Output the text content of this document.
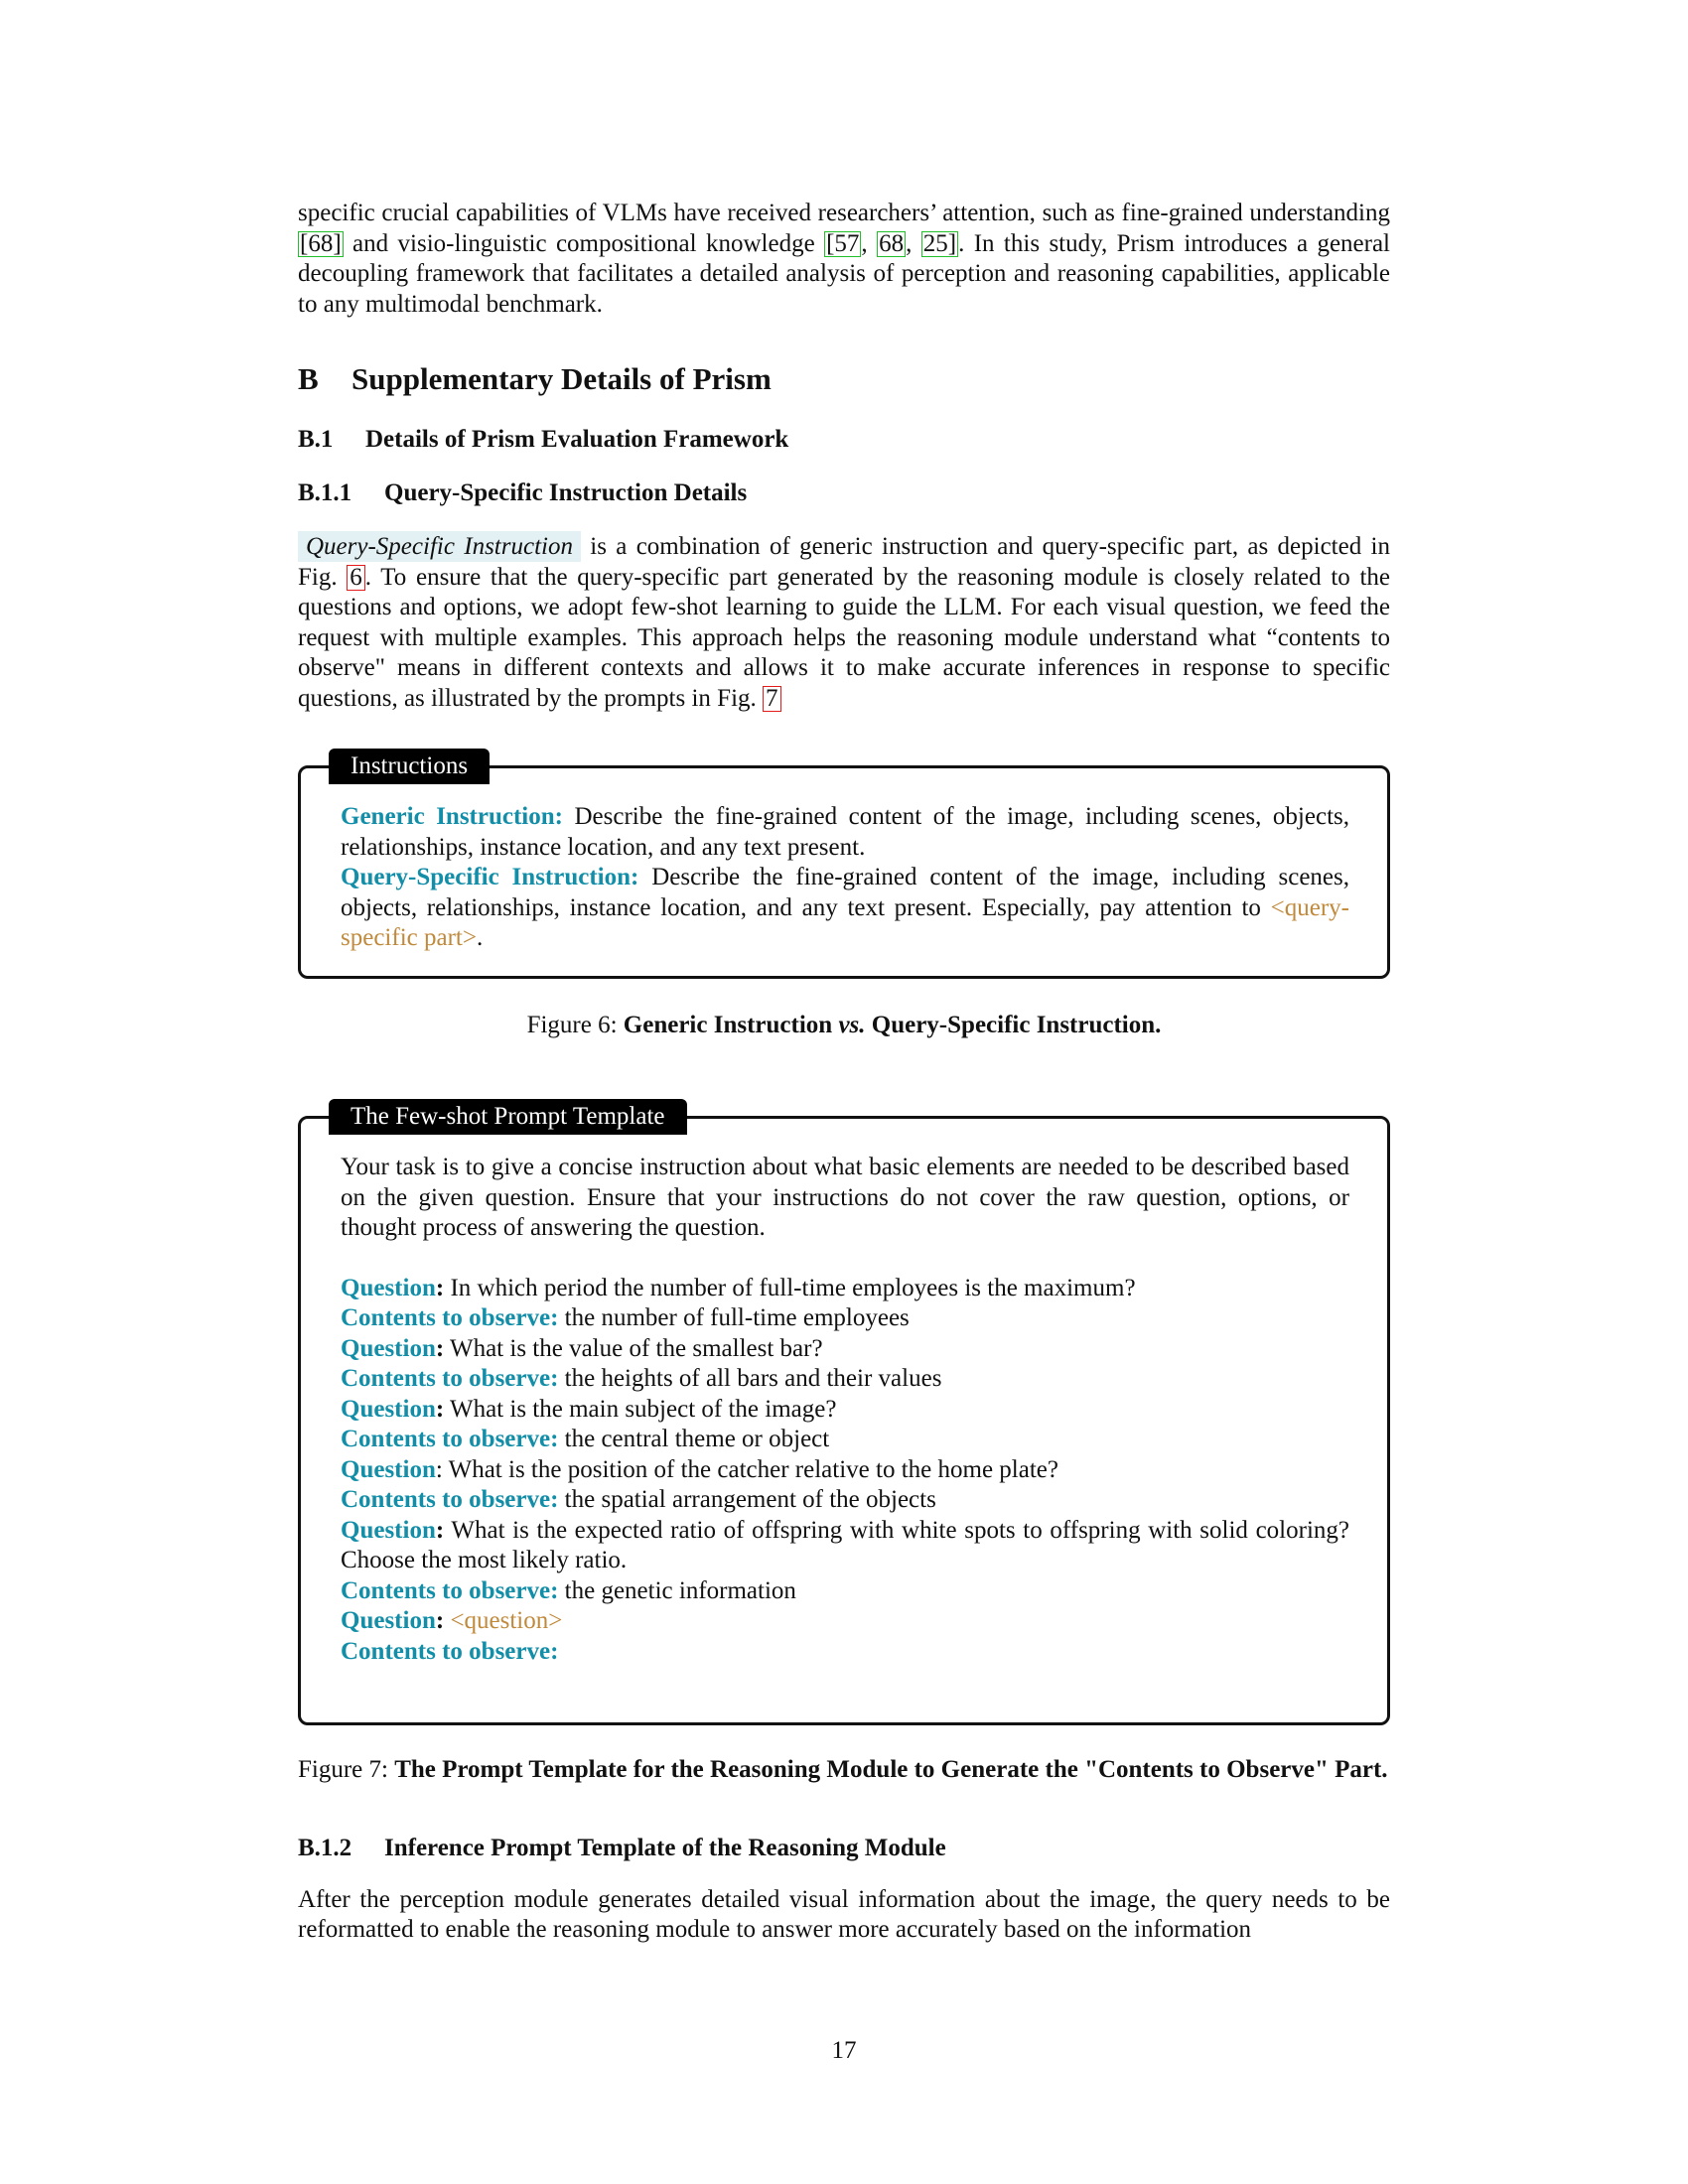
specific crucial capabilities of VLMs have received researchers’ attention, such as fine-grained understanding [68] and visio-linguistic compositional knowledge [57, 68, 25]. In this study, Prism introduces a general decoupling framework that facilitates a detailed analysis of perception and reasoning capabilities, applicable to any multimodal benchmark.

B Supplementary Details of Prism
B.1 Details of Prism Evaluation Framework
B.1.1 Query-Specific Instruction Details

Query-Specific Instruction is a combination of generic instruction and query-specific part, as depicted in Fig. 6 . To ensure that the query-specific part generated by the reasoning module is closely related to the questions and options, we adopt few-shot learning to guide the LLM. For each visual question, we feed the request with multiple examples. This approach helps the reasoning module understand what “contents to observe" means in different contexts and allows it to make accurate inferences in response to specific questions, as illustrated by the prompts in Fig. 7

Instructions

Generic Instruction: Describe the fine-grained content of the image, including scenes, objects, relationships, instance location, and any text present.

Query-Specific Instruction: Describe the fine-grained content of the image, including scenes, objects, relationships, instance location, and any text present. Especially, pay attention to <query-specific part>.

Figure 6: Generic Instruction vs. Query-Specific Instruction.
The Few-shot Prompt Template

Your task is to give a concise instruction about what basic elements are needed to be described based on the given question. Ensure that your instructions do not cover the raw question, options, or thought process of answering the question.

Question: In which period the number of full-time employees is the maximum?
Contents to observe: the number of full-time employees
Question: What is the value of the smallest bar?
Contents to observe: the heights of all bars and their values
Question: What is the main subject of the image?
Contents to observe: the central theme or object
Question: What is the position of the catcher relative to the home plate?
Contents to observe: the spatial arrangement of the objects

Question: What is the expected ratio of offspring with white spots to offspring with solid coloring? Choose the most likely ratio.

Contents to observe: the genetic information
Question: <question>
Contents to observe:
Figure 7: The Prompt Template for the Reasoning Module to Generate the "Contents to Observe" Part.
B.1.2 Inference Prompt Template of the Reasoning Module

After the perception module generates detailed visual information about the image, the query needs to be reformatted to enable the reasoning module to answer more accurately based on the information

17
